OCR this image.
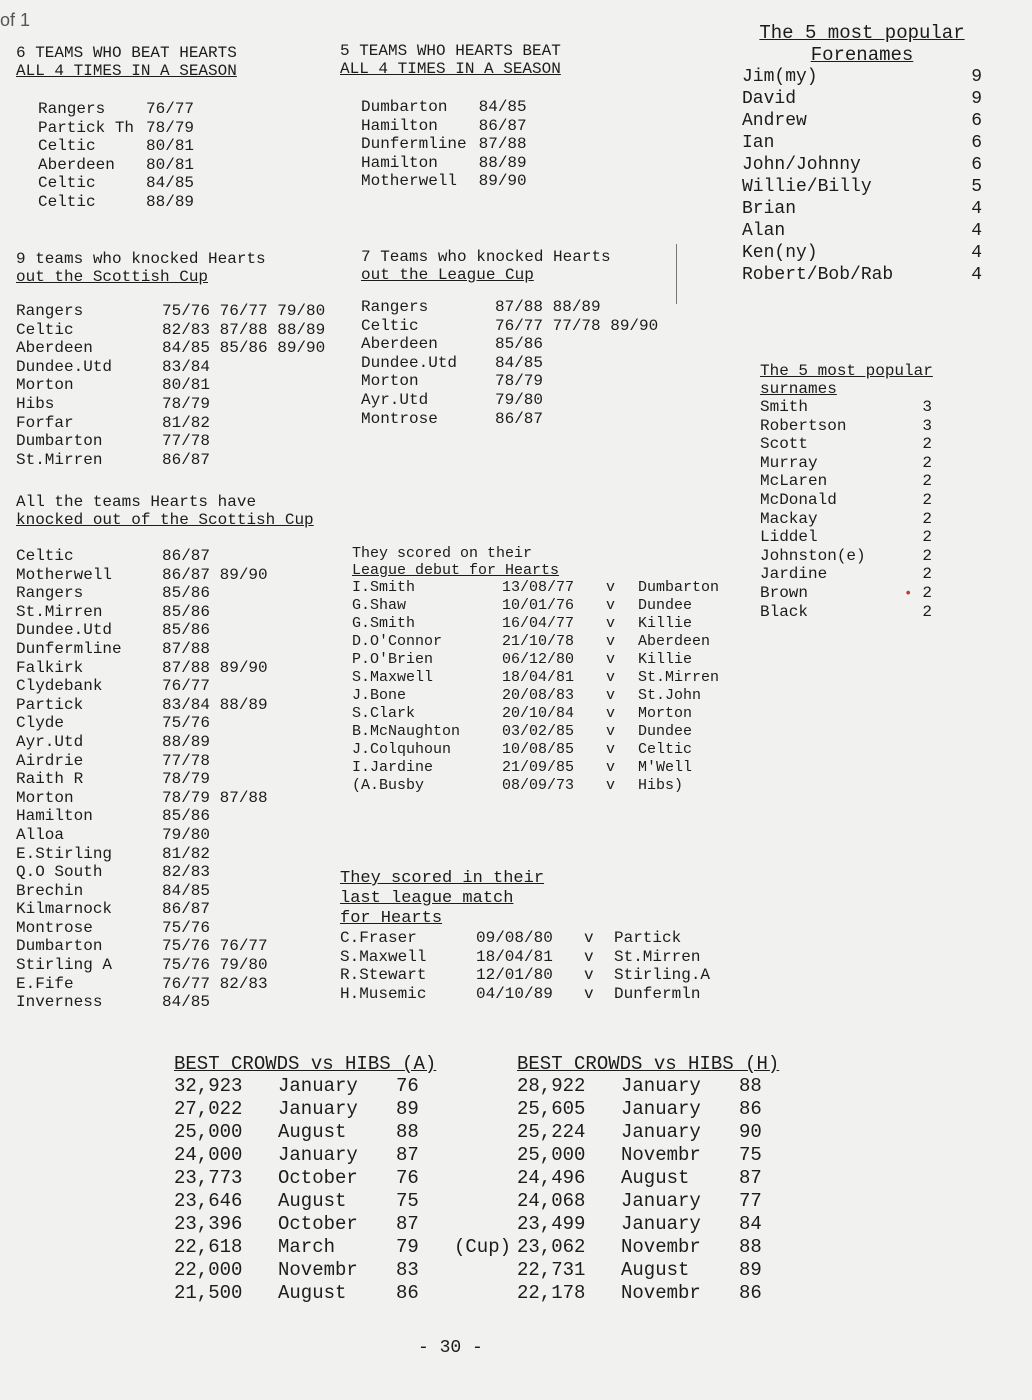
of 1
6 TEAMS WHO BEAT HEARTS
ALL 4 TIMES IN A SEASON
Rangers	76/77
Partick Th	78/79
Celtic	80/81
Aberdeen	80/81
Celtic	84/85
Celtic	88/89
5 TEAMS WHO HEARTS BEAT
ALL 4 TIMES IN A SEASON
Dumbarton	84/85
Hamilton	86/87
Dunfermline	87/88
Hamilton	88/89
Motherwell	89/90
The 5 most popular
Forenames
Jim(my)	9
David	9
Andrew	6
Ian	6
John/Johnny	6
Willie/Billy	5
Brian	4
Alan	4
Ken(ny)	4
Robert/Bob/Rab	4
9 teams who knocked Hearts
out the Scottish Cup
Rangers	75/76 76/77 79/80
Celtic	82/83 87/88 88/89
Aberdeen	84/85 85/86 89/90
Dundee.Utd	83/84
Morton	80/81
Hibs	78/79
Forfar	81/82
Dumbarton	77/78
St.Mirren	86/87
7 Teams who knocked Hearts
out the League Cup
Rangers	87/88 88/89
Celtic	76/77 77/78 89/90
Aberdeen	85/86
Dundee.Utd	84/85
Morton	78/79
Ayr.Utd	79/80
Montrose	86/87
The 5 most popular
surnames
Smith	3
Robertson	3
Scott	2
Murray	2
McLaren	2
McDonald	2
Mackay	2
Liddel	2
Johnston(e)	2
Jardine	2
Brown	2
Black	2
•
All the teams Hearts have
knocked out of the Scottish Cup
Celtic	86/87
Motherwell	86/87 89/90
Rangers	85/86
St.Mirren	85/86
Dundee.Utd	85/86
Dunfermline	87/88
Falkirk	87/88 89/90
Clydebank	76/77
Partick	83/84 88/89
Clyde	75/76
Ayr.Utd	88/89
Airdrie	77/78
Raith R	78/79
Morton	78/79 87/88
Hamilton	85/86
Alloa	79/80
E.Stirling	81/82
Q.O South	82/83
Brechin	84/85
Kilmarnock	86/87
Montrose	75/76
Dumbarton	75/76 76/77
Stirling A	75/76 79/80
E.Fife	76/77 82/83
Inverness	84/85
They scored on their
League debut for Hearts
I.Smith	13/08/77	v	Dumbarton
G.Shaw	10/01/76	v	Dundee
G.Smith	16/04/77	v	Killie
D.O'Connor	21/10/78	v	Aberdeen
P.O'Brien	06/12/80	v	Killie
S.Maxwell	18/04/81	v	St.Mirren
J.Bone	20/08/83	v	St.John
S.Clark	20/10/84	v	Morton
B.McNaughton	03/02/85	v	Dundee
J.Colquhoun	10/08/85	v	Celtic
I.Jardine	21/09/85	v	M'Well
(A.Busby	08/09/73	v	Hibs)
They scored in their
last league match
for Hearts
C.Fraser	09/08/80	v	Partick
S.Maxwell	18/04/81	v	St.Mirren
R.Stewart	12/01/80	v	Stirling.A
H.Musemic	04/10/89	v	Dunfermln
BEST CROWDS vs HIBS (A)
32,923	January	76	
27,022	January	89	
25,000	August	88	
24,000	January	87	
23,773	October	76	
23,646	August	75	
23,396	October	87	
22,618	March	79	(Cup)
22,000	Novembr	83	
21,500	August	86	
BEST CROWDS vs HIBS (H)
28,922	January	88
25,605	January	86
25,224	January	90
25,000	Novembr	75
24,496	August	87
24,068	January	77
23,499	January	84
23,062	Novembr	88
22,731	August	89
22,178	Novembr	86
- 30 -
